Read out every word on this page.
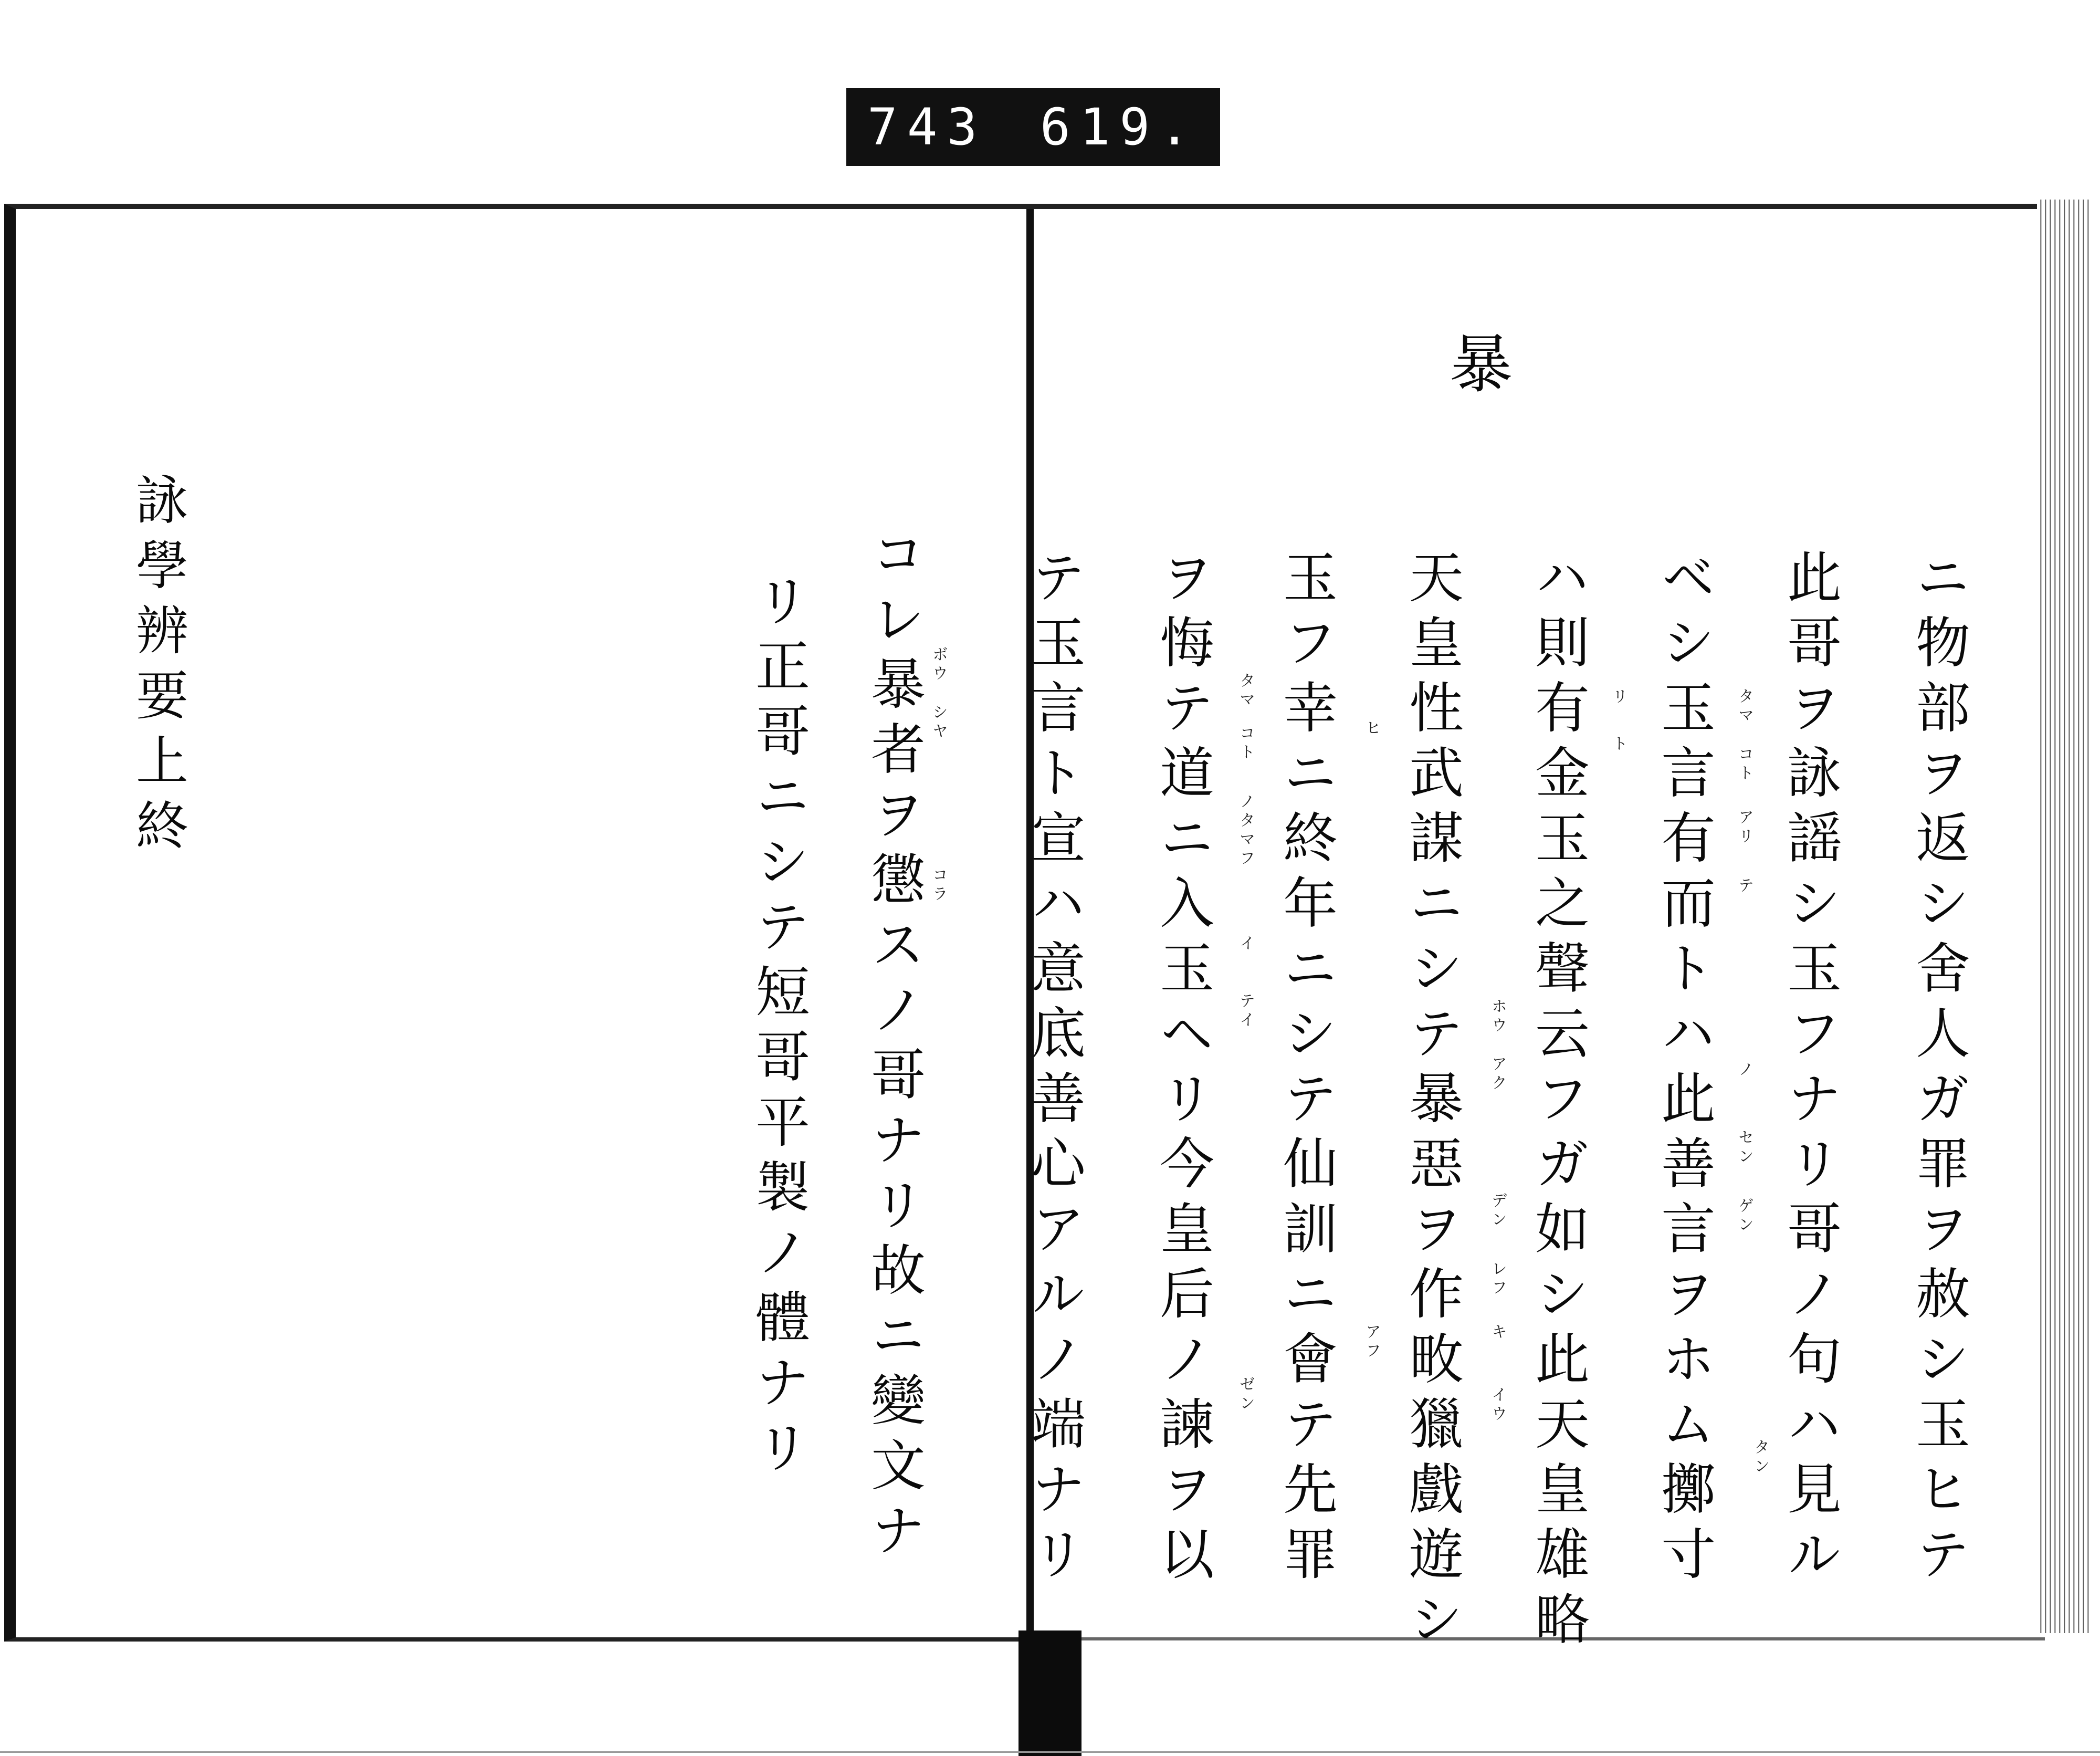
743 619.
暴
ニ物部ヲ返シ舍人ガ罪ヲ赦シ玉ヒテ
此哥ヲ詠謡シ玉フナリ哥ノ句ハ見ル
ベシ玉言有而トハ此善言ヲホム擲寸
ハ則有金玉之聲云フガ如シ此天皇雄略
天皇性武謀ニシテ暴惡ヲ作畋獵戲遊シ
玉フ幸ニ終年ニシテ仙訓ニ會テ先罪
ヲ悔テ道ニ入玉ヘリ今皇后ノ諫ヲ以
テ玉言ト宣ハ意底善心アルノ端ナリ	タマ
コト
アリ
テ
ノ
セン
ゲン
タン
リ
ト
ホウ
アク
デン
レフ
キ
イウ
ヒ
アフ
タマ
コト
ノタマフ
イ
テイ
ゼン
コレ暴者ヲ懲スノ哥ナリ故ニ變文ナ
リ正哥ニシテ短哥平製ノ體ナリ	ボウ
シヤ
コラ
詠學辨要上終
